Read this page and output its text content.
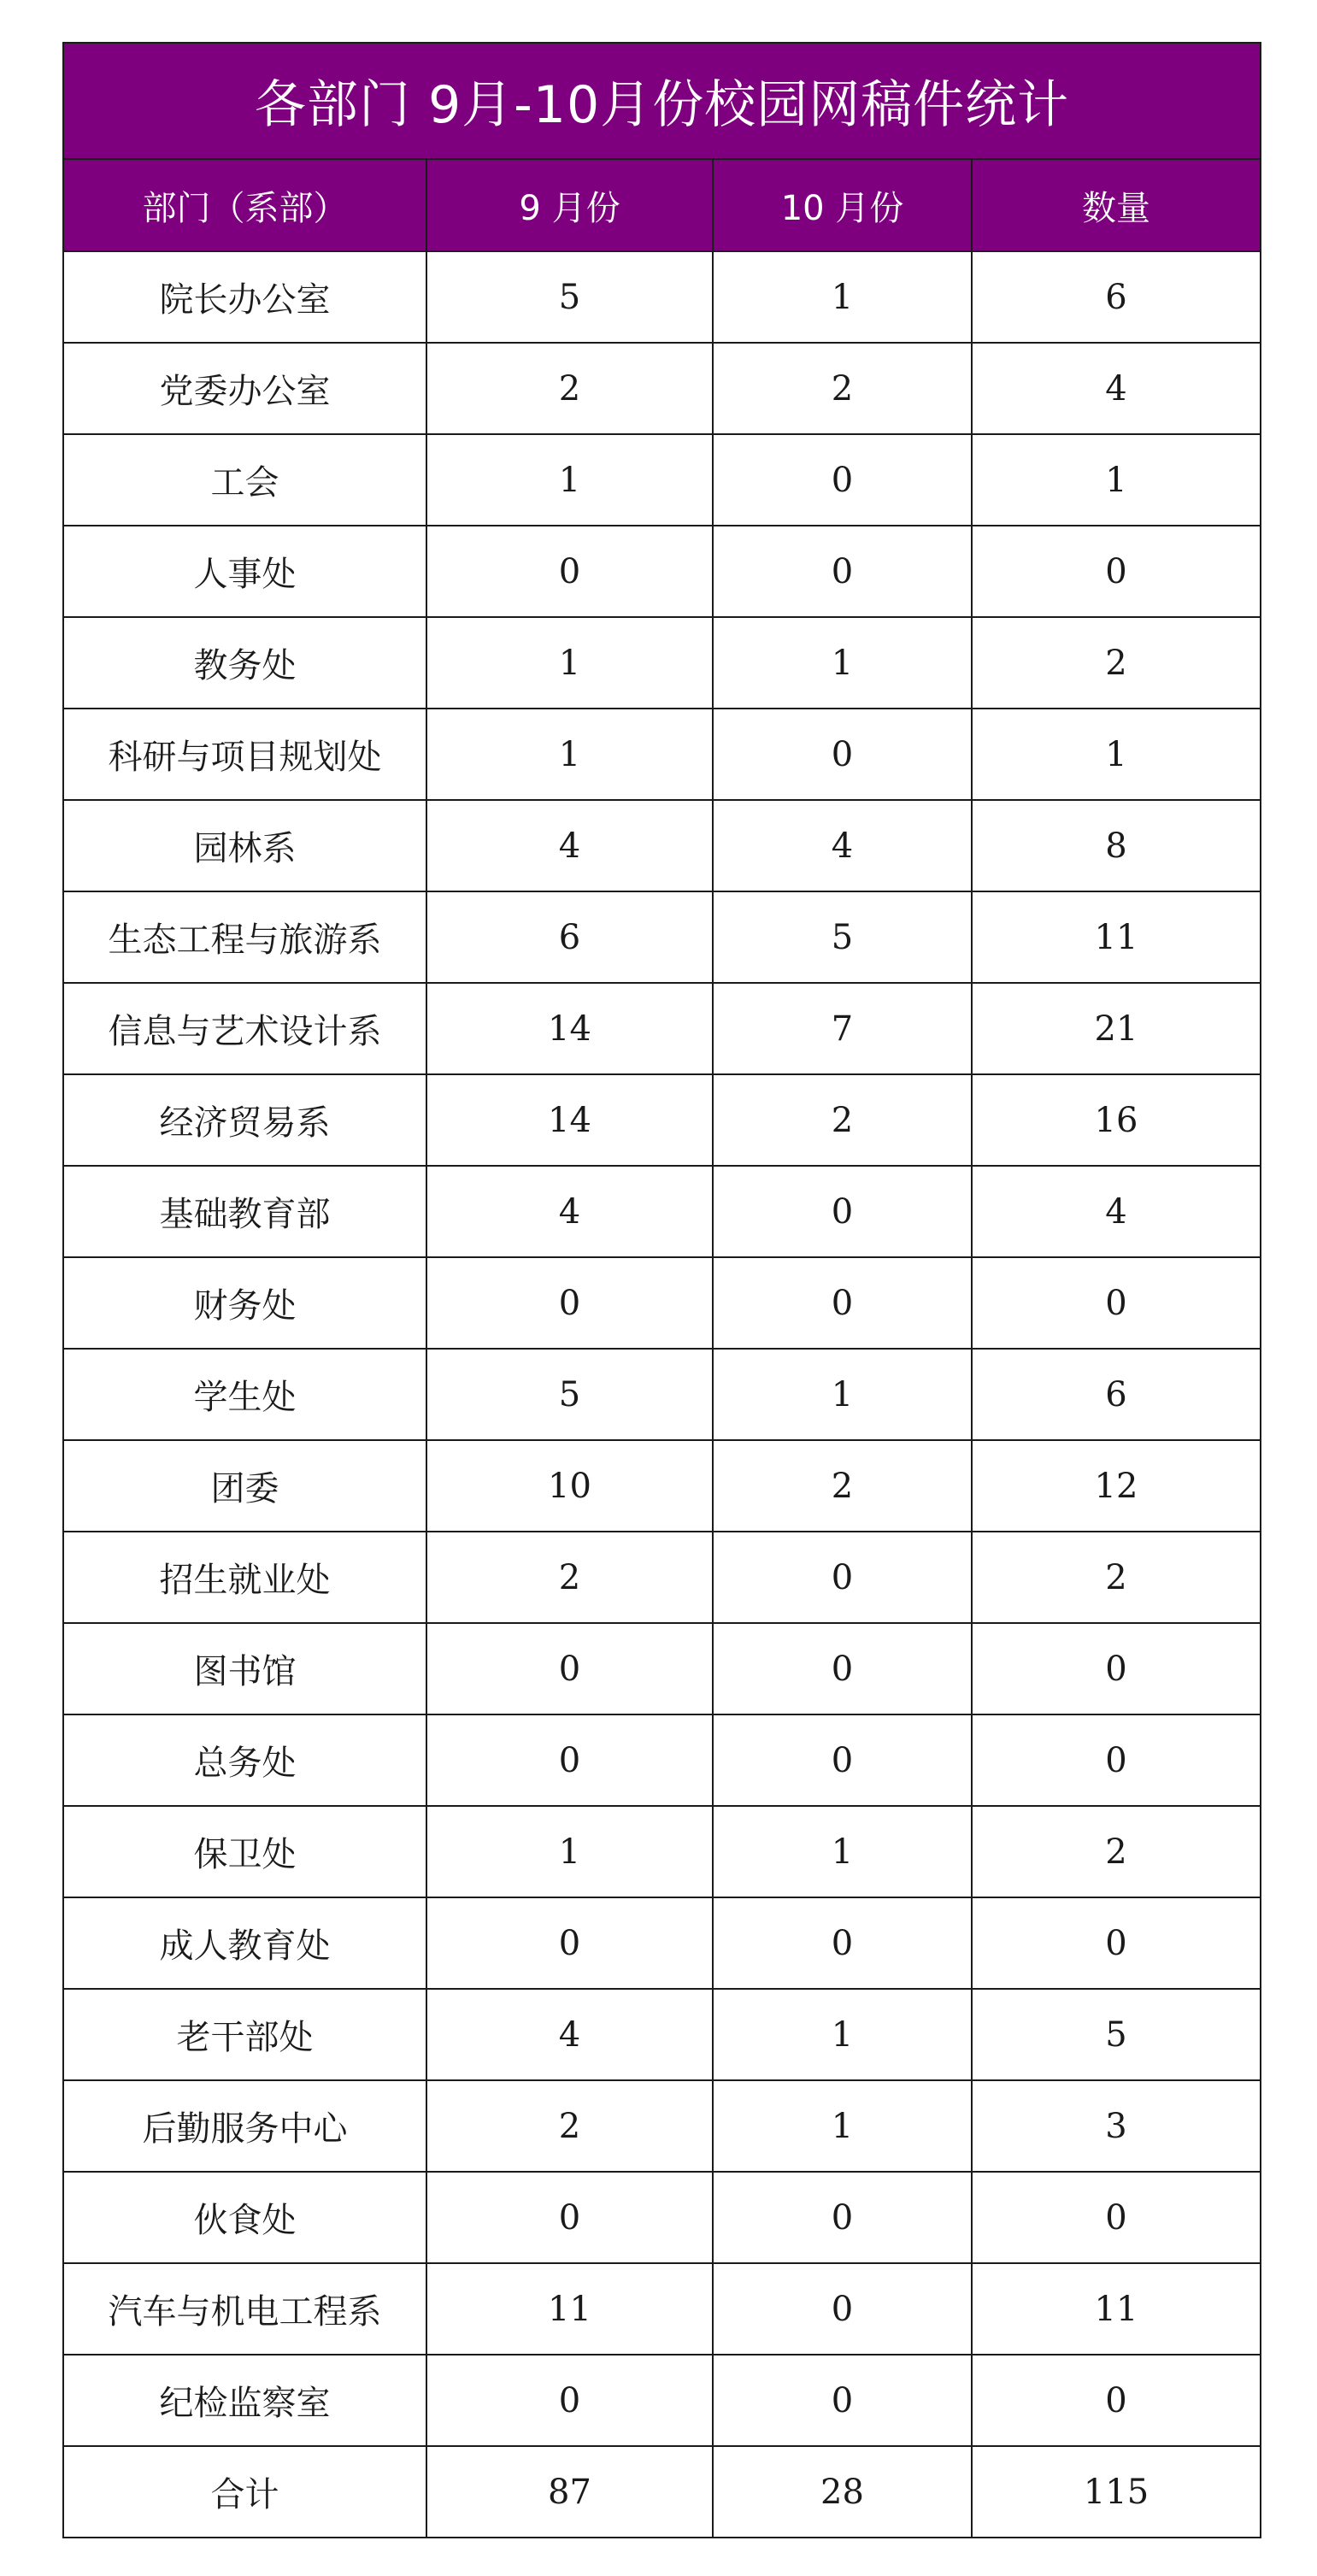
各部门 9月-10月份校园网稿件统计			
部门（系部）	9 月份	10 月份	数量
院长办公室	5	1	6
党委办公室	2	2	4
工会	1	0	1
人事处	0	0	0
教务处	1	1	2
科研与项目规划处	1	0	1
园林系	4	4	8
生态工程与旅游系	6	5	11
信息与艺术设计系	14	7	21
经济贸易系	14	2	16
基础教育部	4	0	4
财务处	0	0	0
学生处	5	1	6
团委	10	2	12
招生就业处	2	0	2
图书馆	0	0	0
总务处	0	0	0
保卫处	1	1	2
成人教育处	0	0	0
老干部处	4	1	5
后勤服务中心	2	1	3
伙食处	0	0	0
汽车与机电工程系	11	0	11
纪检监察室	0	0	0
合计	87	28	115
